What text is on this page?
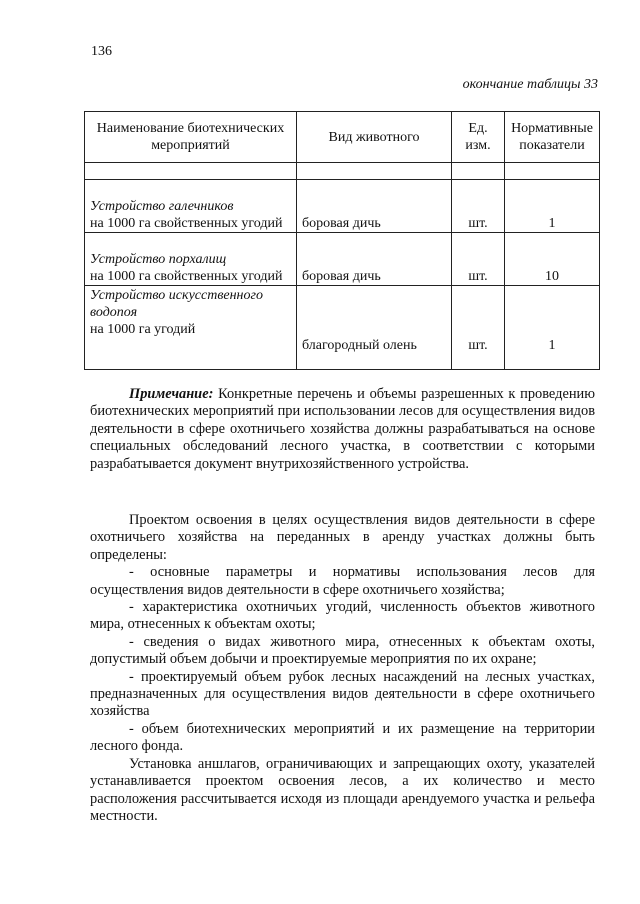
136
окончание таблицы 33
Наименование биотехнических мероприятий	Вид животного	Ед. изм.	Нормативные показатели

Устройство галечников
на 1000 га свойственных угодий	боровая дичь	шт.	1

Устройство порхалищ
на 1000 га свойственных угодий	боровая дичь	шт.	10

Устройство искусственного водопоя
на 1000 га угодий	благородный олень	шт.	1

Примечание: Конкретные перечень и объемы разрешенных к проведению биотехнических мероприятий при использовании лесов для осуществления видов деятельности в сфере охотничьего хозяйства должны разрабатываться на основе специальных обследований лесного участка, в соответствии с которыми разрабатывается документ внутрихозяйственного устройства.

Проектом освоения в целях осуществления видов деятельности в сфере охотничьего хозяйства на переданных в аренду участках должны быть определены:

- основные параметры и нормативы использования лесов для осуществления видов деятельности в сфере охотничьего хозяйства;

- характеристика охотничьих угодий, численность объектов животного мира, отнесенных к объектам охоты;

- сведения о видах животного мира, отнесенных к объектам охоты, допустимый объем добычи и проектируемые мероприятия по их охране;

- проектируемый объем рубок лесных насаждений на лесных участках, предназначенных для осуществления видов деятельности в сфере охотничьего хозяйства

- объем биотехнических мероприятий и их размещение на территории лесного фонда.

Установка аншлагов, ограничивающих и запрещающих охоту, указателей устанавливается проектом освоения лесов, а их количество и место расположения рассчитывается исходя из площади арендуемого участка и рельефа местности.
